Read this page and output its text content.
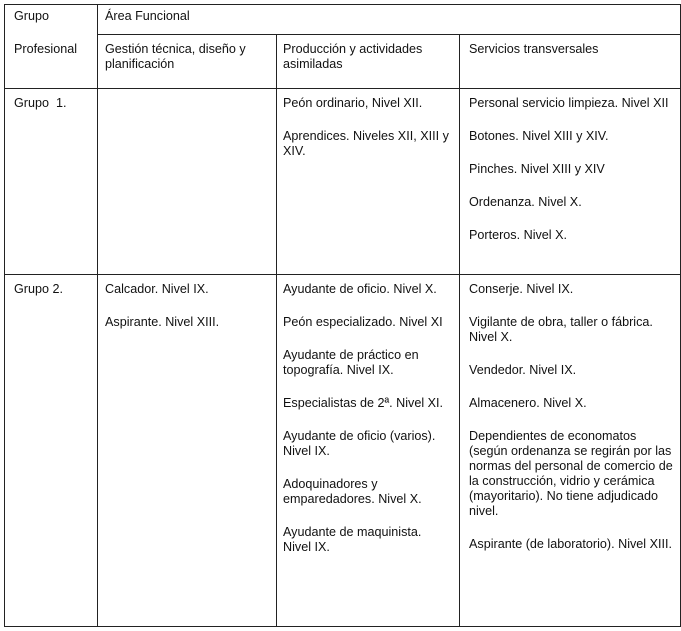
Grupo
Profesional
Área Funcional
Gestión técnica, diseño y planificación
Producción y actividades asimiladas
Servicios transversales
Grupo  1.	Peón ordinario, Nivel XII.

Aprendices. Niveles XII, XIII y XIV.

Personal servicio limpieza. Nivel XII

Botones. Nivel XIII y XIV.

Pinches. Nivel XIII y XIV

Ordenanza. Nivel X.

Porteros. Nivel X.

Grupo 2.	Calcador. Nivel IX.

Aspirante. Nivel XIII.

Ayudante de oficio. Nivel X.

Peón especializado. Nivel XI

Ayudante de práctico en topografía. Nivel IX.

Especialistas de 2ª. Nivel XI.

Ayudante de oficio (varios). Nivel IX.

Adoquinadores y emparedadores. Nivel X.

Ayudante de maquinista. Nivel IX.

Conserje. Nivel IX.

Vigilante de obra, taller o fábrica. Nivel X.

Vendedor. Nivel IX.

Almacenero. Nivel X.

Dependientes de economatos (según ordenanza se regirán por las normas del personal de comercio de la construcción, vidrio y cerámica (mayoritario). No tiene adjudicado nivel.

Aspirante (de laboratorio). Nivel XIII.
